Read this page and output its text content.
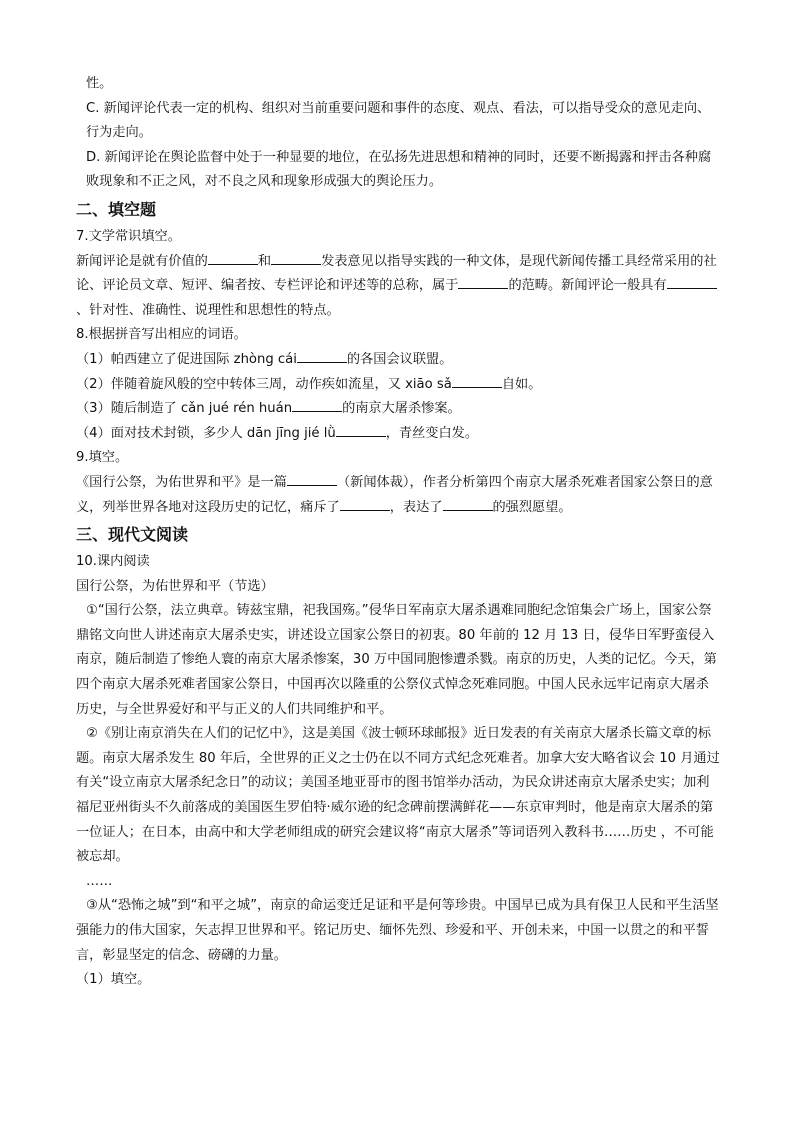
性。

C. 新闻评论代表一定的机构、组织对当前重要问题和事件的态度、观点、看法，可以指导受众的意见走向、行为走向。

D. 新闻评论在舆论监督中处于一种显要的地位，在弘扬先进思想和精神的同时，还要不断揭露和抨击各种腐败现象和不正之风，对不良之风和现象形成强大的舆论压力。

二、填空题

7.文学常识填空。

新闻评论是就有价值的	和	发表意见以指导实践的一种文体，是现代新闻传播工具经常采用的社论、评论员文章、短评、编者按、专栏评论和评述等的总称，属于	的范畴。新闻评论一般具有、针对性、准确性、说理性和思想性的特点。

8.根据拼音写出相应的词语。

（1）帕西建立了促进国际 zhòng cái	的各国会议联盟。

（2）伴随着旋风般的空中转体三周，动作疾如流星，又 xiāo sǎ	自如。

（3）随后制造了 cǎn jué rén huán	的南京大屠杀惨案。

（4）面对技术封锁，多少人 dān jīng jié lǜ	，青丝变白发。

9.填空。

《国行公祭，为佑世界和平》是一篇	（新闻体裁），作者分析第四个南京大屠杀死难者国家公祭日的意义，列举世界各地对这段历史的记忆，痛斥了	，表达了	的强烈愿望。

三、现代文阅读

10.课内阅读

国行公祭，为佑世界和平（节选）

①“国行公祭，法立典章。铸兹宝鼎，祀我国殇。”侵华日军南京大屠杀遇难同胞纪念馆集会广场上，国家公祭鼎铭文向世人讲述南京大屠杀史实，讲述设立国家公祭日的初衷。80 年前的 12 月 13 日，侵华日军野蛮侵入南京，随后制造了惨绝人寰的南京大屠杀惨案，30 万中国同胞惨遭杀戮。南京的历史，人类的记忆。今天，第四个南京大屠杀死难者国家公祭日，中国再次以隆重的公祭仪式悼念死难同胞。中国人民永远牢记南京大屠杀历史，与全世界爱好和平与正义的人们共同维护和平。

②《别让南京消失在人们的记忆中》，这是美国《波士顿环球邮报》近日发表的有关南京大屠杀长篇文章的标题。南京大屠杀发生 80 年后，全世界的正义之士仍在以不同方式纪念死难者。加拿大安大略省议会 10 月通过有关“设立南京大屠杀纪念日”的动议；美国圣地亚哥市的图书馆举办活动，为民众讲述南京大屠杀史实；加利福尼亚州街头不久前落成的美国医生罗伯特·威尔逊的纪念碑前摆满鲜花——东京审判时，他是南京大屠杀的第一位证人；在日本，由高中和大学老师组成的研究会建议将“南京大屠杀”等词语列入教科书……历史 ，不可能被忘却。

……

③从“恐怖之城”到“和平之城”，南京的命运变迁足证和平是何等珍贵。中国早已成为具有保卫人民和平生活坚强能力的伟大国家，矢志捍卫世界和平。铭记历史、缅怀先烈、珍爱和平、开创未来，中国一以贯之的和平誓言，彰显坚定的信念、磅礴的力量。

（1）填空。
